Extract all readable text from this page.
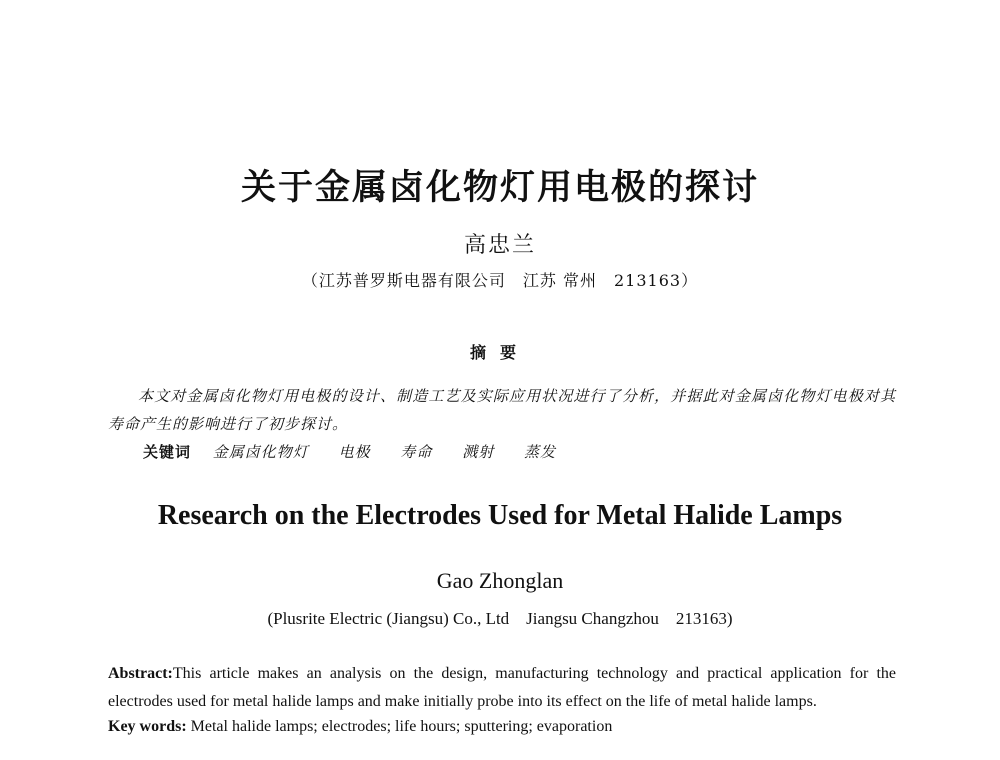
关于金属卤化物灯用电极的探讨
高忠兰
（江苏普罗斯电器有限公司　江苏 常州　213163）
摘要

本文对金属卤化物灯用电极的设计、制造工艺及实际应用状况进行了分析，并据此对金属卤化物灯电极对其寿命产生的影响进行了初步探讨。

关键词 金属卤化物灯 电极 寿命 溅射 蒸发
Research on the Electrodes Used for Metal Halide Lamps
Gao Zhonglan
(Plusrite Electric (Jiangsu) Co., Ltd　Jiangsu Changzhou　213163)

Abstract:This article makes an analysis on the design, manufacturing technology and practical application for the electrodes used for metal halide lamps and make initially probe into its effect on the life of metal halide lamps.

Key words: Metal halide lamps; electrodes; life hours; sputtering; evaporation
